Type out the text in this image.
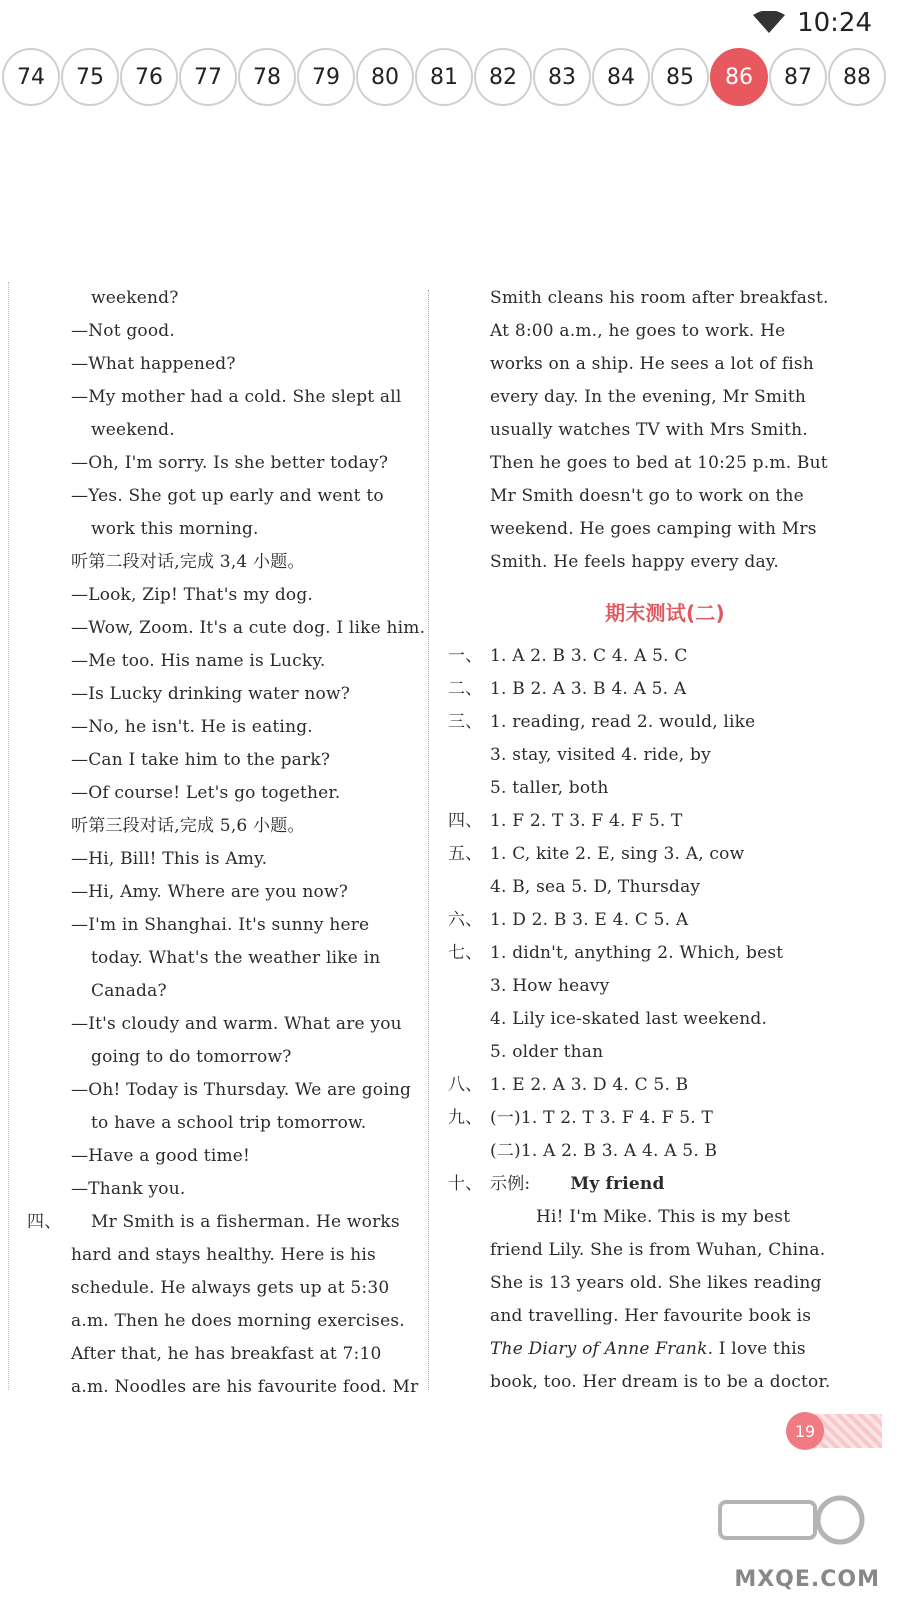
10:24
74	75	76	77	78	79	80	81	82	83	84	85	86	87	88
weekend?
—Not good.
—What happened?
—My mother had a cold. She slept all
weekend.
—Oh, I'm sorry. Is she better today?
—Yes. She got up early and went to
work this morning.
听第二段对话,完成 3,4 小题。
—Look, Zip! That's my dog.
—Wow, Zoom. It's a cute dog. I like him.
—Me too. His name is Lucky.
—Is Lucky drinking water now?
—No, he isn't. He is eating.
—Can I take him to the park?
—Of course! Let's go together.
听第三段对话,完成 5,6 小题。
—Hi, Bill! This is Amy.
—Hi, Amy. Where are you now?
—I'm in Shanghai. It's sunny here
today. What's the weather like in
Canada?
—It's cloudy and warm. What are you
going to do tomorrow?
—Oh! Today is Thursday. We are going
to have a school trip tomorrow.
—Have a good time!
—Thank you.
四、	Mr Smith is a fisherman. He works
hard and stays healthy. Here is his
schedule. He always gets up at 5:30
a.m. Then he does morning exercises.
After that, he has breakfast at 7:10
a.m. Noodles are his favourite food. Mr
Smith cleans his room after breakfast.
At 8:00 a.m., he goes to work. He
works on a ship. He sees a lot of fish
every day. In the evening, Mr Smith
usually watches TV with Mrs Smith.
Then he goes to bed at 10:25 p.m. But
Mr Smith doesn't go to work on the
weekend. He goes camping with Mrs
Smith. He feels happy every day.
期末测试(二)
一、 1. A 2. B 3. C 4. A 5. C
二、 1. B 2. A 3. B 4. A 5. A
三、 1. reading, read 2. would, like
3. stay, visited 4. ride, by
5. taller, both
四、 1. F 2. T 3. F 4. F 5. T
五、 1. C, kite 2. E, sing 3. A, cow
4. B, sea 5. D, Thursday
六、 1. D 2. B 3. E 4. C 5. A
七、 1. didn't, anything 2. Which, best
3. How heavy
4. Lily ice-skated last weekend.
5. older than
八、 1. E 2. A 3. D 4. C 5. B
九、 (一)1. T 2. T 3. F 4. F 5. T
(二)1. A 2. B 3. A 4. A 5. B
十、 示例: My friend
Hi! I'm Mike. This is my best
friend Lily. She is from Wuhan, China.
She is 13 years old. She likes reading
and travelling. Her favourite book is
The Diary of Anne Frank. I love this
book, too. Her dream is to be a doctor.
19
MXQE.COM
